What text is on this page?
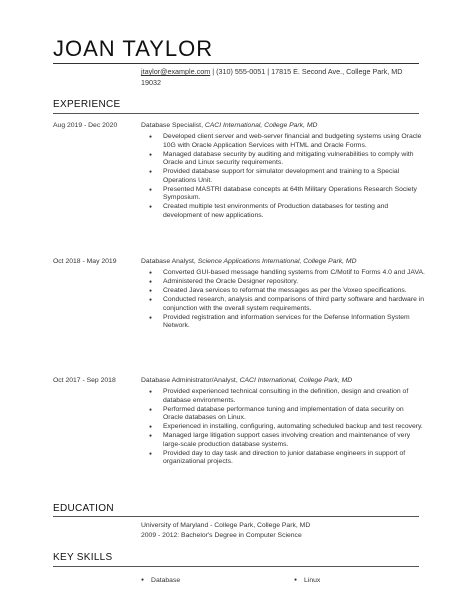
JOAN TAYLOR
jtaylor@example.com | (310) 555-0051 | 17815 E. Second Ave., College Park, MD 19032
EXPERIENCE
Aug 2019 - Dec 2020	Database Specialist, CACI International, College Park, MD
● Developed client server and web-server financial and budgeting systems using Oracle 10G with Oracle Application Services with HTML and Oracle Forms.
● Managed database security by auditing and mitigating vulnerabilities to comply with Oracle and Linux security requirements.
● Provided database support for simulator development and training to a Special Operations Unit.
● Presented MASTRI database concepts at 64th Military Operations Research Society Symposium.
● Created multiple test environments of Production databases for testing and development of new applications.
Oct 2018 - May 2019	Database Analyst, Science Applications International, College Park, MD
● Converted GUI-based message handling systems from C/Motif to Forms 4.0 and JAVA.
● Administered the Oracle Designer repository.
● Created Java services to reformat the messages as per the Voxeo specifications.
● Conducted research, analysis and comparisons of third party software and hardware in conjunction with the overall system requirements.
● Provided registration and information services for the Defense Information System Network.
Oct 2017 - Sep 2018	Database Administrator/Analyst, CACI International, College Park, MD
● Provided experienced technical consulting in the definition, design and creation of database environments.
● Performed database performance tuning and implementation of data security on Oracle databases on Linux.
● Experienced in installing, configuring, automating scheduled backup and test recovery.
● Managed large litigation support cases involving creation and maintenance of very large-scale production database systems.
● Provided day to day task and direction to junior database engineers in support of organizational projects.
EDUCATION
University of Maryland - College Park, College Park, MD
2009 - 2012: Bachelor's Degree in Computer Science
KEY SKILLS
● Database
●	Linux
